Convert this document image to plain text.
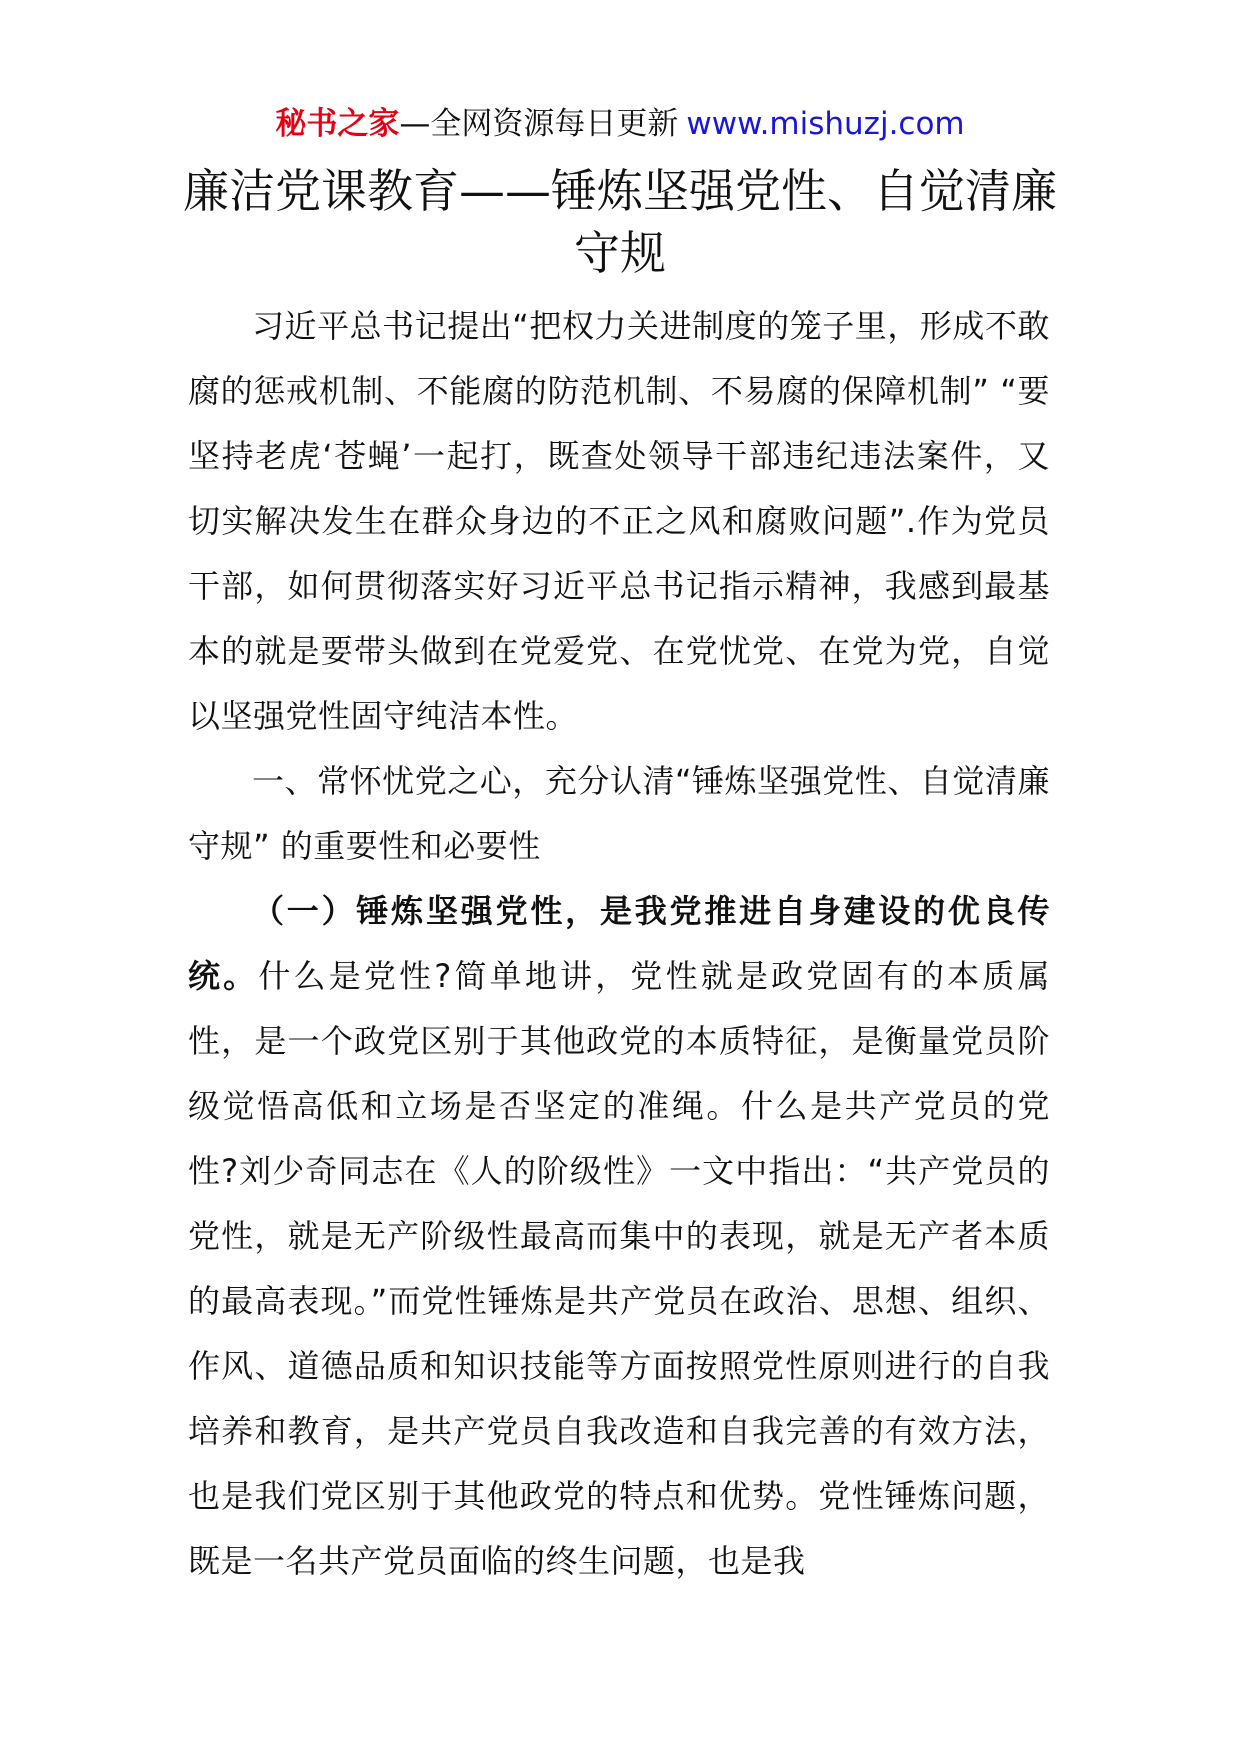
秘书之家—全网资源每日更新 www.mishuzj.com
廉洁党课教育——锤炼坚强党性、自觉清廉守规

习近平总书记提出“把权力关进制度的笼子里，形成不敢腐的惩戒机制、不能腐的防范机制、不易腐的保障机制” “要坚持老虎‘苍蝇’一起打，既查处领导干部违纪违法案件，又切实解决发生在群众身边的不正之风和腐败问题”.作为党员干部，如何贯彻落实好习近平总书记指示精神，我感到最基本的就是要带头做到在党爱党、在党忧党、在党为党，自觉以坚强党性固守纯洁本性。

一、常怀忧党之心，充分认清“锤炼坚强党性、自觉清廉守规” 的重要性和必要性

（一）锤炼坚强党性，是我党推进自身建设的优良传统。什么是党性?简单地讲，党性就是政党固有的本质属性，是一个政党区别于其他政党的本质特征，是衡量党员阶级觉悟高低和立场是否坚定的准绳。什么是共产党员的党性?刘少奇同志在《人的阶级性》一文中指出：“共产党员的党性，就是无产阶级性最高而集中的表现，就是无产者本质的最高表现。”而党性锤炼是共产党员在政治、思想、组织、作风、道德品质和知识技能等方面按照党性原则进行的自我培养和教育，是共产党员自我改造和自我完善的有效方法，也是我们党区别于其他政党的特点和优势。党性锤炼问题，既是一名共产党员面临的终生问题，也是我
